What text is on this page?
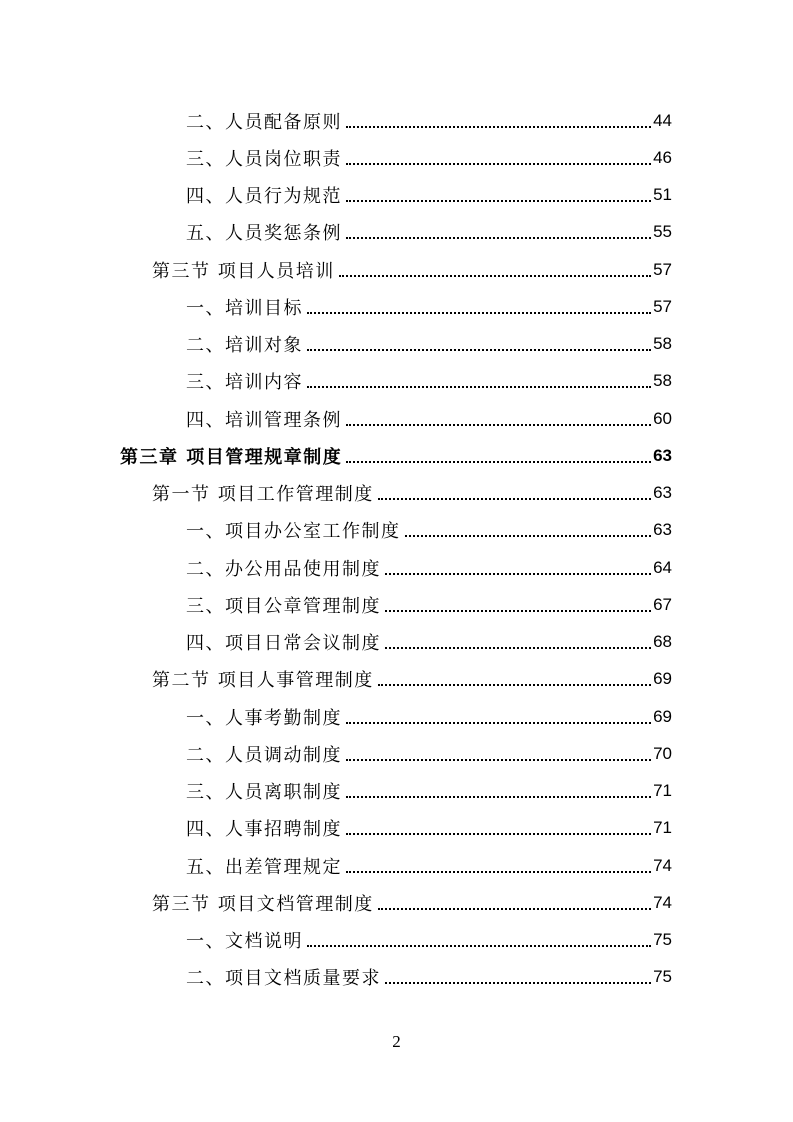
二、人员配备原则	44
三、人员岗位职责	46
四、人员行为规范	51
五、人员奖惩条例	55
第三节 项目人员培训	57
一、培训目标	57
二、培训对象	58
三、培训内容	58
四、培训管理条例	60
第三章 项目管理规章制度	63
第一节 项目工作管理制度	63
一、项目办公室工作制度	63
二、办公用品使用制度	64
三、项目公章管理制度	67
四、项目日常会议制度	68
第二节 项目人事管理制度	69
一、人事考勤制度	69
二、人员调动制度	70
三、人员离职制度	71
四、人事招聘制度	71
五、出差管理规定	74
第三节 项目文档管理制度	74
一、文档说明	75
二、项目文档质量要求	75
2
